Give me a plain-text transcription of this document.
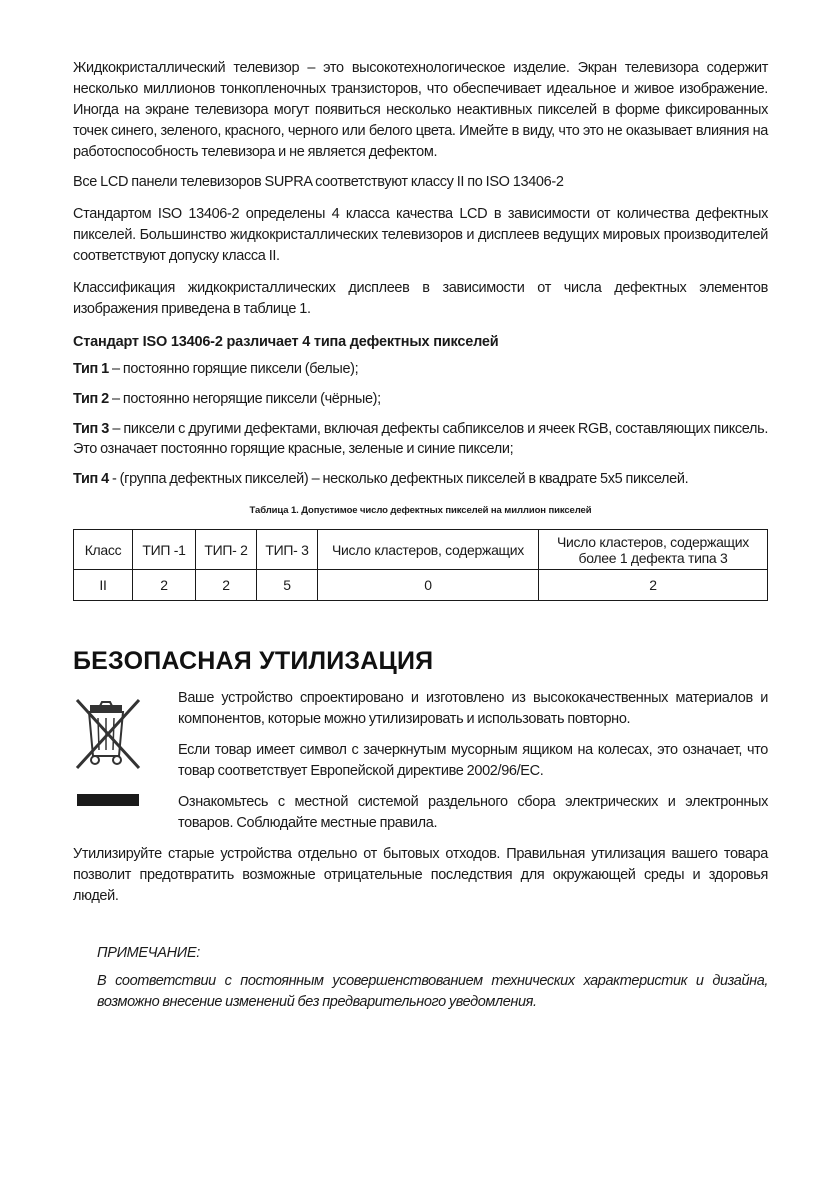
Жидкокристаллический телевизор – это высокотехнологическое изделие. Экран телевизора содержит несколько миллионов тонкопленочных транзисторов, что обеспечивает идеальное и живое изображение. Иногда на экране телевизора могут появиться несколько неактивных пикселей в форме фиксированных точек синего, зеленого, красного, черного или белого цвета. Имейте в виду, что это не оказывает влияния на работоспособность телевизора и не является дефектом.

Все LCD панели телевизоров SUPRA соответствуют классу II по ISO 13406-2

Стандартом ISO 13406-2 определены 4 класса качества LCD в зависимости от количества дефектных пикселей. Большинство жидкокристаллических телевизоров и дисплеев ведущих мировых производителей соответствуют допуску класса II.

Классификация жидкокристаллических дисплеев в зависимости от числа дефектных элементов изображения приведена в таблице 1.

Стандарт ISO 13406-2 различает 4 типа дефектных пикселей
Тип 1 – постоянно горящие пиксели (белые);
Тип 2 – постоянно негорящие пиксели (чёрные);
Тип 3 – пиксели с другими дефектами, включая дефекты сабпикселов и ячеек RGB, составляющих пиксель. Это означает постоянно горящие красные, зеленые и синие пиксели;
Тип 4 - (группа дефектных пикселей) – несколько дефектных пикселей в квадрате 5х5 пикселей.
Таблица 1. Допустимое число дефектных пикселей на миллион пикселей
Класс	ТИП -1	ТИП- 2	ТИП- 3	Число кластеров, содержащих	Число кластеров, содержащих более 1 дефекта типа 3
II	2	2	5	0	2
БЕЗОПАСНАЯ УТИЛИЗАЦИЯ

Ваше устройство спроектировано и изготовлено из высококачественных материалов и компонентов, которые можно утилизировать и использовать повторно.

Если товар имеет символ с зачеркнутым мусорным ящиком на колесах, это означает, что товар соответствует Европейской директиве 2002/96/EC.

Ознакомьтесь с местной системой раздельного сбора электрических и электронных товаров. Соблюдайте местные правила.

Утилизируйте старые устройства отдельно от бытовых отходов. Правильная утилизация вашего товара позволит предотвратить возможные отрицательные последствия для окружающей среды и здоровья людей.

ПРИМЕЧАНИЕ:

В соответствии с постоянным усовершенствованием технических характеристик и дизайна, возможно внесение изменений без предварительного уведомления.
